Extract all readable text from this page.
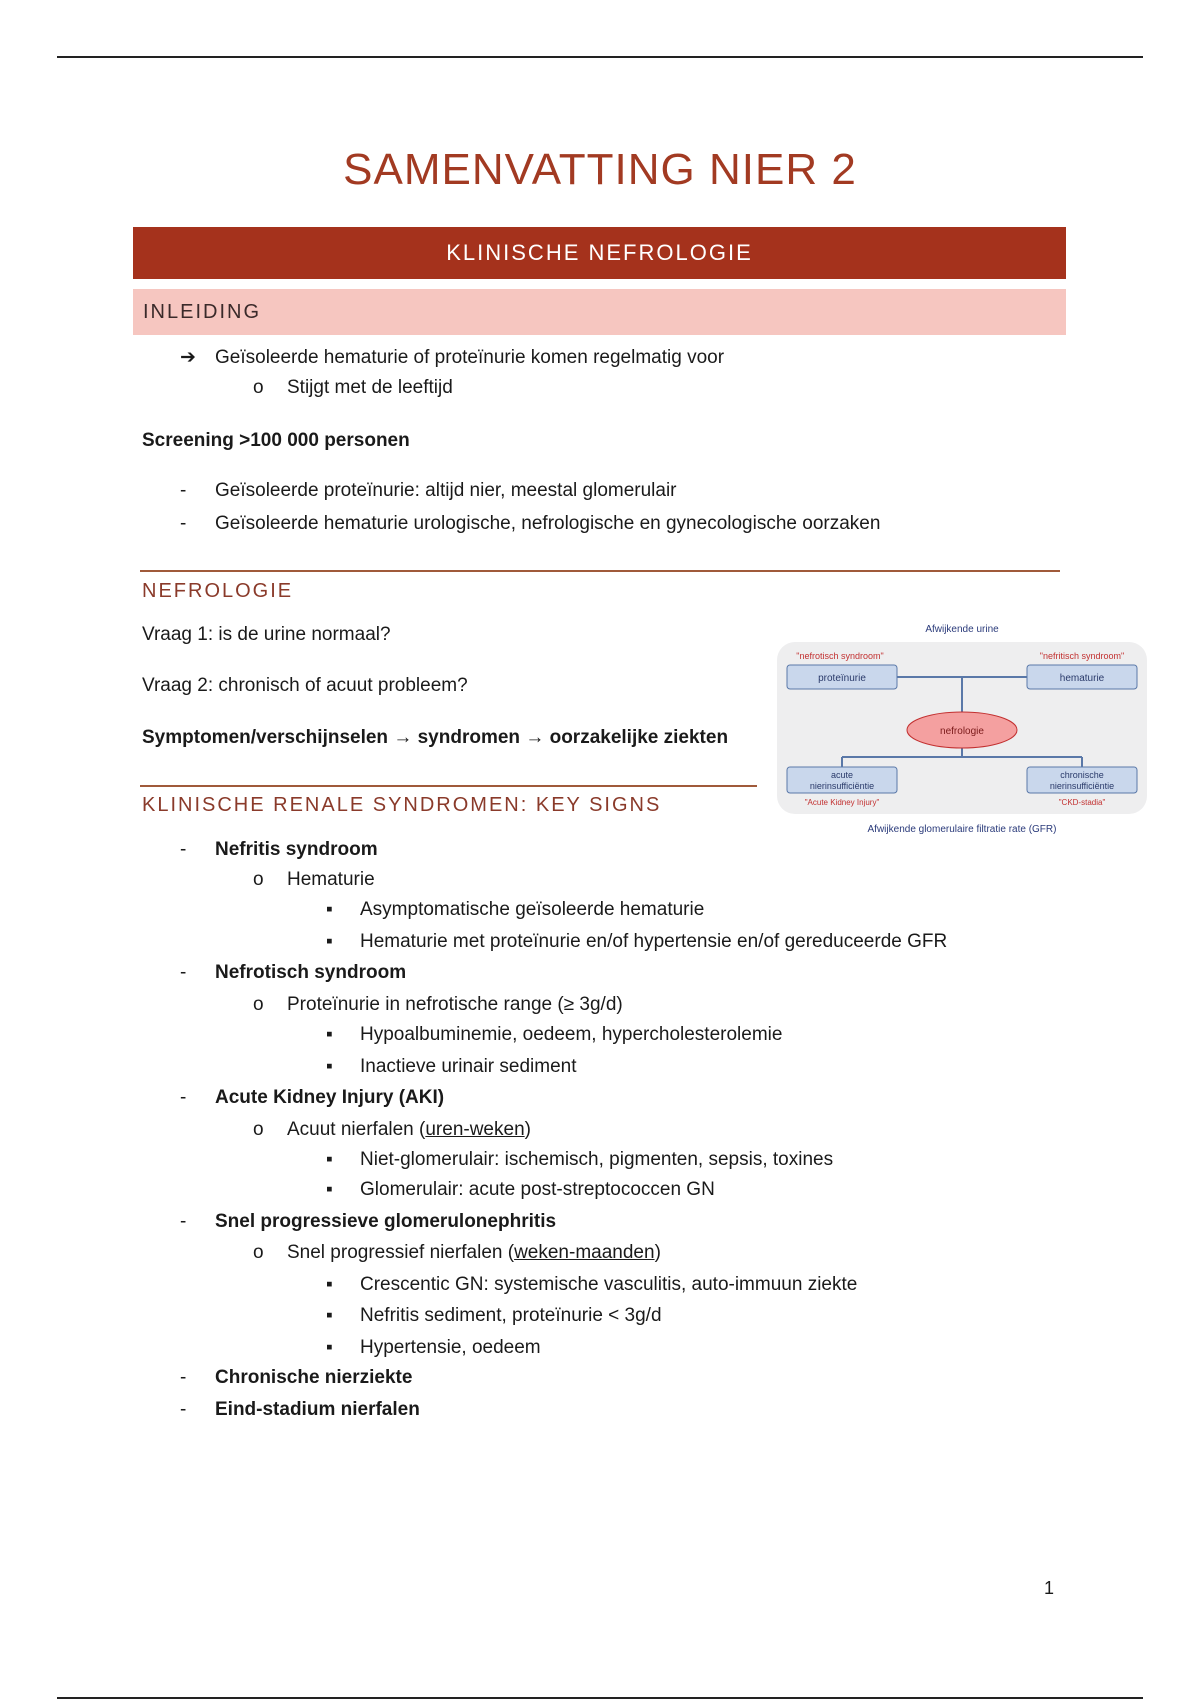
SAMENVATTING NIER 2
KLINISCHE NEFROLOGIE
INLEIDING
➔ Geïsoleerde hematurie of proteïnurie komen regelmatig voor
o Stijgt met de leeftijd
Screening >100 000 personen
- Geïsoleerde proteïnurie: altijd nier, meestal glomerulair
- Geïsoleerde hematurie urologische, nefrologische en gynecologische oorzaken
NEFROLOGIE
Vraag 1: is de urine normaal?
Vraag 2: chronisch of acuut probleem?
Symptomen/verschijnselen → syndromen → oorzakelijke ziekten
Afwijkende urine
"nefrotisch syndroom"	"nefritisch syndroom"
proteïnurie	hematurie
nefrologie
acute
nierinsufficiëntie
chronische
nierinsufficiëntie
"Acute Kidney Injury"	"CKD-stadia"
Afwijkende glomerulaire filtratie rate (GFR)
KLINISCHE RENALE SYNDROMEN: KEY SIGNS
- Nefritis syndroom
o Hematurie
▪ Asymptomatische geïsoleerde hematurie
▪ Hematurie met proteïnurie en/of hypertensie en/of gereduceerde GFR
- Nefrotisch syndroom
o Proteïnurie in nefrotische range (≥ 3g/d)
▪ Hypoalbuminemie, oedeem, hypercholesterolemie
▪ Inactieve urinair sediment
- Acute Kidney Injury (AKI)
o Acuut nierfalen (uren-weken)
▪ Niet-glomerulair: ischemisch, pigmenten, sepsis, toxines
▪ Glomerulair: acute post-streptococcen GN
- Snel progressieve glomerulonephritis
o Snel progressief nierfalen (weken-maanden)
▪ Crescentic GN: systemische vasculitis, auto-immuun ziekte
▪ Nefritis sediment, proteïnurie < 3g/d
▪ Hypertensie, oedeem
- Chronische nierziekte
- Eind-stadium nierfalen
1
